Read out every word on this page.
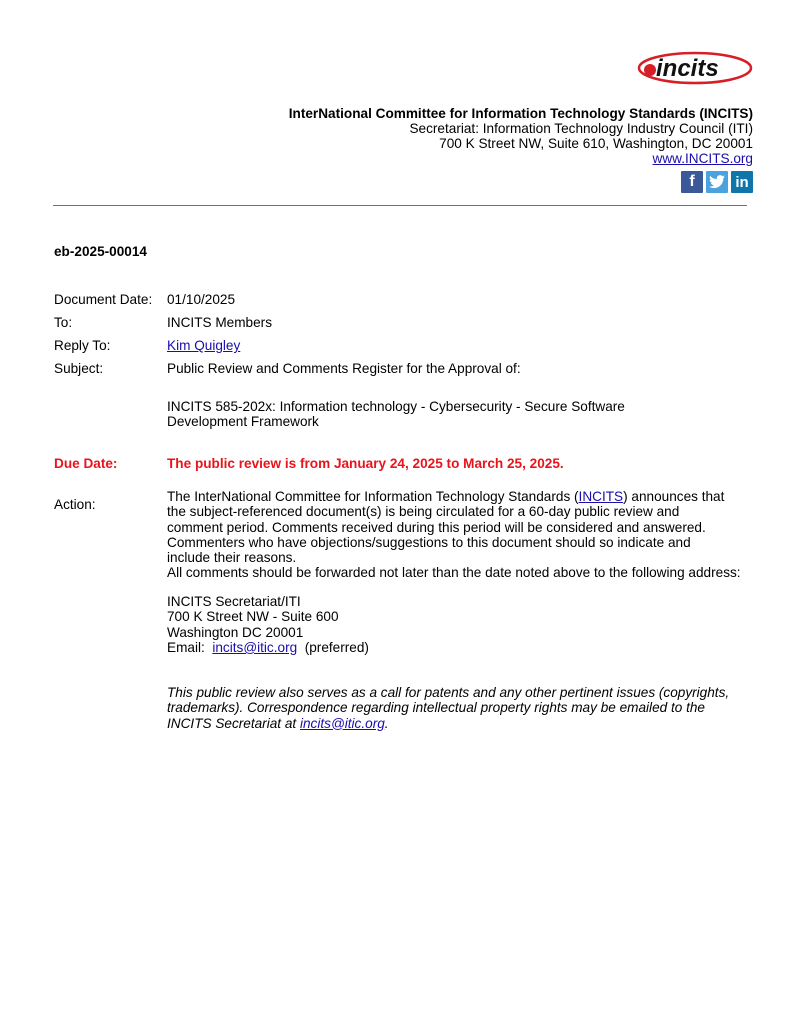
incits
InterNational Committee for Information Technology Standards (INCITS)
Secretariat: Information Technology Industry Council (ITI)
700 K Street NW, Suite 610, Washington, DC 20001
www.INCITS.org
f	in
eb-2025-00014
Document Date: 01/10/2025
To:	INCITS Members
Reply To:	Kim Quigley
Subject:	Public Review and Comments Register for the Approval of:
INCITS 585-202x: Information technology - Cybersecurity - Secure Software Development Framework
Due Date:	The public review is from January 24, 2025 to March 25, 2025.
Action:
The InterNational Committee for Information Technology Standards (INCITS) announces that the subject-referenced document(s) is being circulated for a 60-day public review and comment period. Comments received during this period will be considered and answered. Commenters who have objections/suggestions to this document should so indicate and include their reasons.
All comments should be forwarded not later than the date noted above to the following address:
INCITS Secretariat/ITI
700 K Street NW - Suite 600
Washington DC 20001
Email: incits@itic.org (preferred)
This public review also serves as a call for patents and any other pertinent issues (copyrights, trademarks). Correspondence regarding intellectual property rights may be emailed to the INCITS Secretariat at incits@itic.org.
